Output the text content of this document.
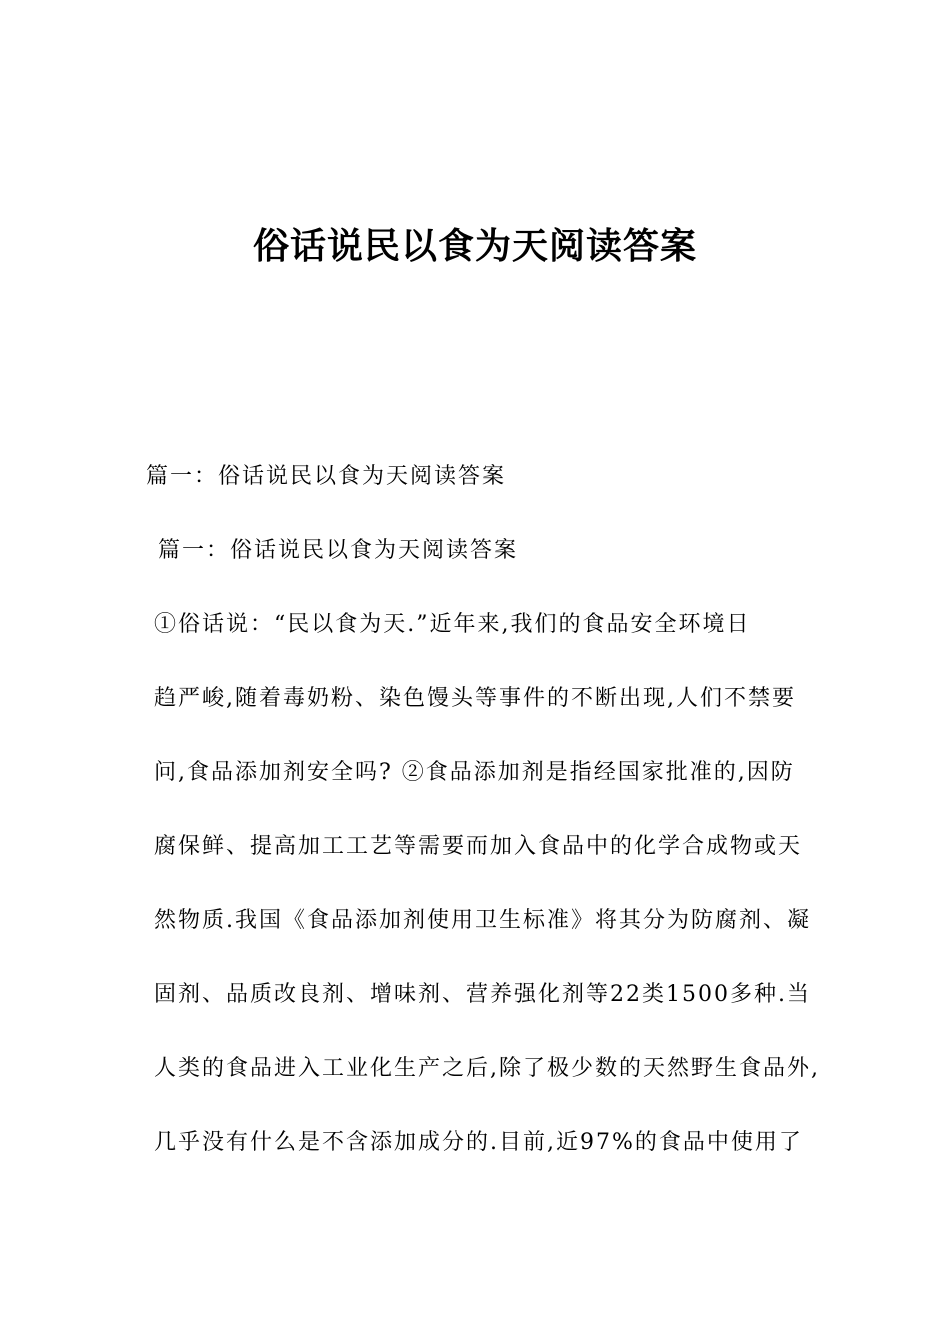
俗话说民以食为天阅读答案
篇一：俗话说民以食为天阅读答案
篇一：俗话说民以食为天阅读答案
①俗话说：“民以食为天.”近年来,我们的食品安全环境日
趋严峻,随着毒奶粉、染色馒头等事件的不断出现,人们不禁要
问,食品添加剂安全吗? ②食品添加剂是指经国家批准的,因防
腐保鲜、提高加工工艺等需要而加入食品中的化学合成物或天
然物质.我国《食品添加剂使用卫生标准》将其分为防腐剂、凝
固剂、品质改良剂、增味剂、营养强化剂等22类1500多种.当
人类的食品进入工业化生产之后,除了极少数的天然野生食品外,
几乎没有什么是不含添加成分的.目前,近97%的食品中使用了
